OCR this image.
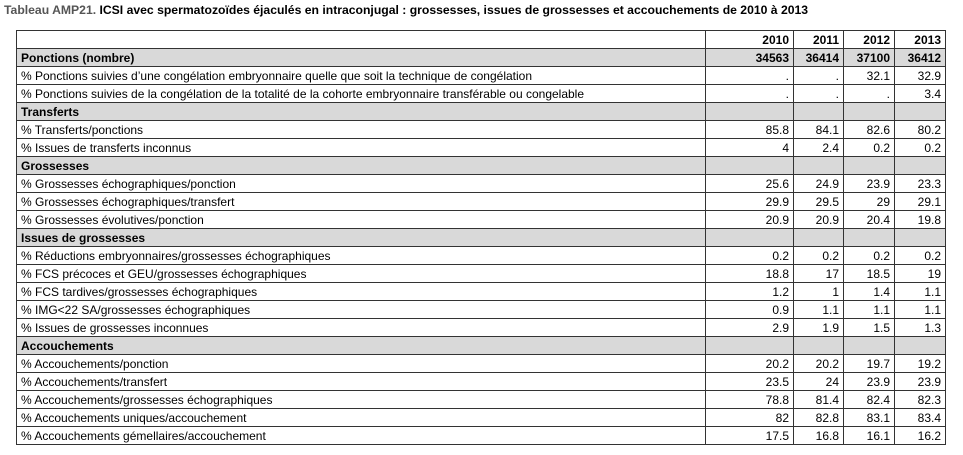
Tableau AMP21. ICSI avec spermatozoïdes éjaculés en intraconjugal : grossesses, issues de grossesses et accouchements de 2010 à 2013
	2010	2011	2012	2013
Ponctions (nombre)	34563	36414	37100	36412
% Ponctions suivies d’une congélation embryonnaire quelle que soit la technique de congélation	.	.	32.1	32.9
% Ponctions suivies de la congélation de la totalité de la cohorte embryonnaire transférable ou congelable	.	.	.	3.4
Transferts				
% Transferts/ponctions	85.8	84.1	82.6	80.2
% Issues de transferts inconnus	4	2.4	0.2	0.2
Grossesses				
% Grossesses échographiques/ponction	25.6	24.9	23.9	23.3
% Grossesses échographiques/transfert	29.9	29.5	29	29.1
% Grossesses évolutives/ponction	20.9	20.9	20.4	19.8
Issues de grossesses				
% Réductions embryonnaires/grossesses échographiques	0.2	0.2	0.2	0.2
% FCS précoces et GEU/grossesses échographiques	18.8	17	18.5	19
% FCS tardives/grossesses échographiques	1.2	1	1.4	1.1
% IMG<22 SA/grossesses échographiques	0.9	1.1	1.1	1.1
% Issues de grossesses inconnues	2.9	1.9	1.5	1.3
Accouchements				
% Accouchements/ponction	20.2	20.2	19.7	19.2
% Accouchements/transfert	23.5	24	23.9	23.9
% Accouchements/grossesses échographiques	78.8	81.4	82.4	82.3
% Accouchements uniques/accouchement	82	82.8	83.1	83.4
% Accouchements gémellaires/accouchement	17.5	16.8	16.1	16.2
